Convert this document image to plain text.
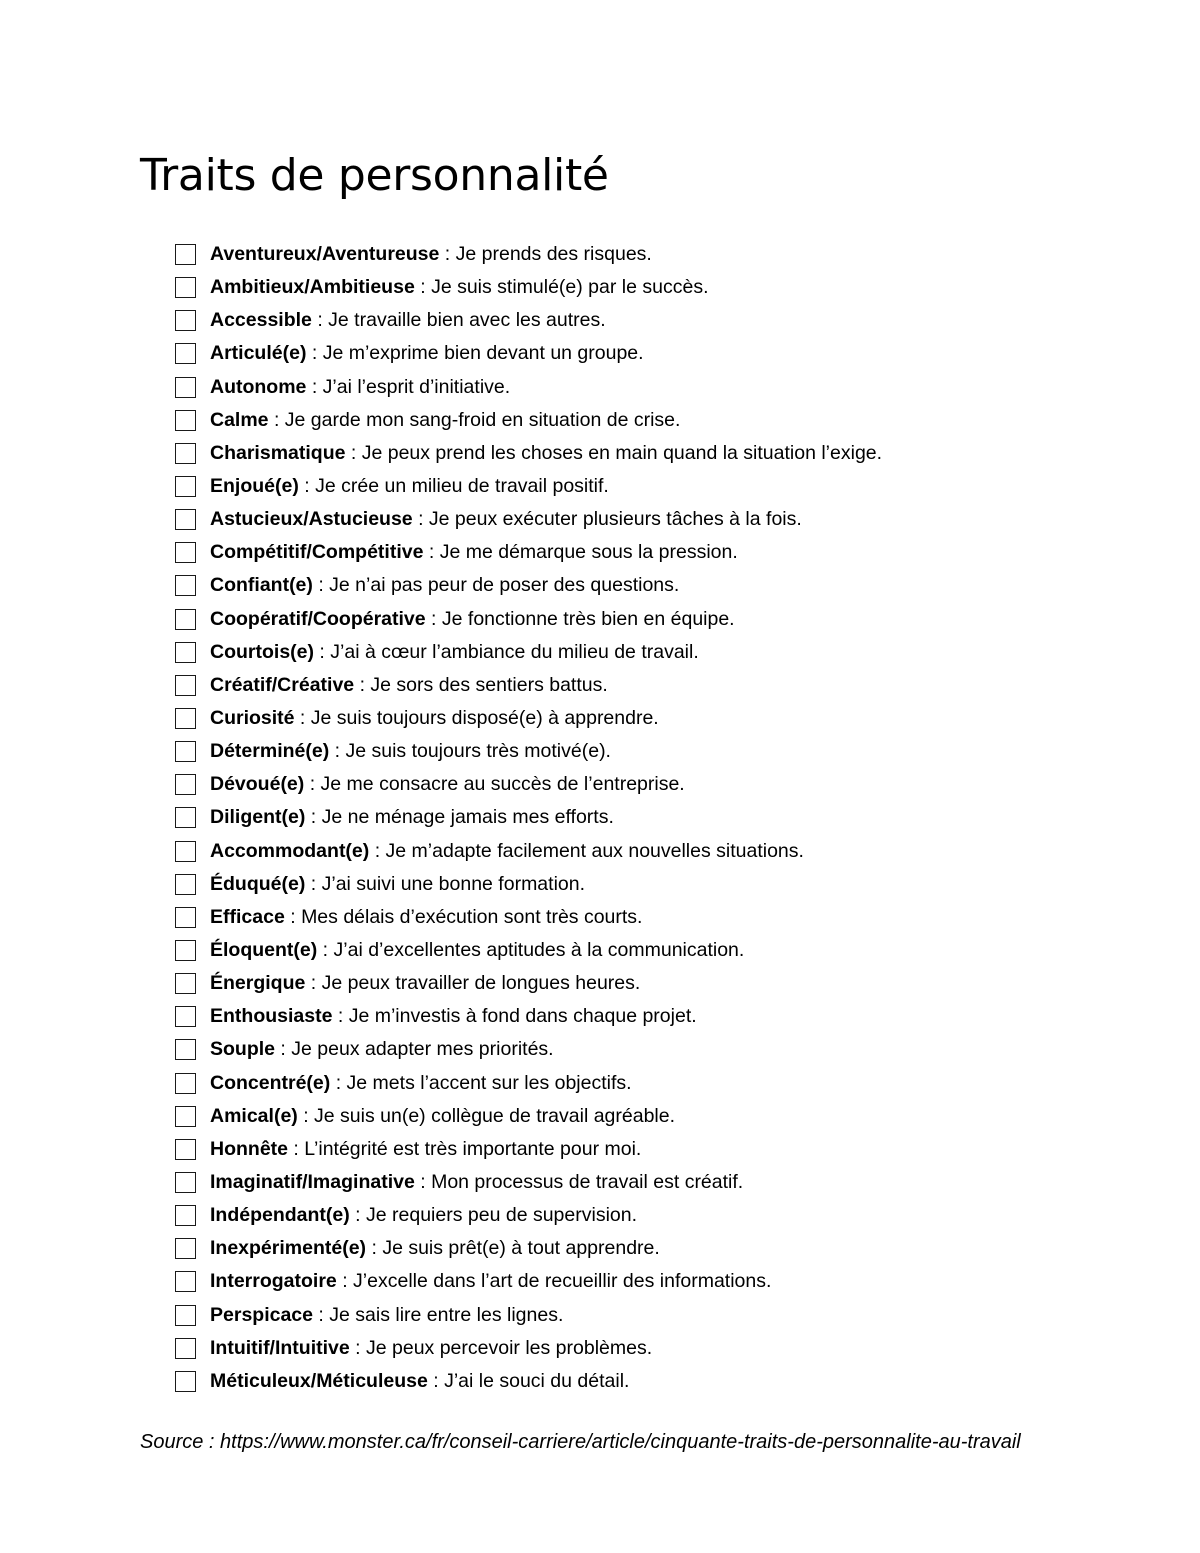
Traits de personnalité
Aventureux/Aventureuse : Je prends des risques.
Ambitieux/Ambitieuse : Je suis stimulé(e) par le succès.
Accessible : Je travaille bien avec les autres.
Articulé(e) : Je m’exprime bien devant un groupe.
Autonome : J’ai l’esprit d’initiative.
Calme : Je garde mon sang-froid en situation de crise.
Charismatique : Je peux prend les choses en main quand la situation l’exige.
Enjoué(e) : Je crée un milieu de travail positif.
Astucieux/Astucieuse : Je peux exécuter plusieurs tâches à la fois.
Compétitif/Compétitive : Je me démarque sous la pression.
Confiant(e) : Je n’ai pas peur de poser des questions.
Coopératif/Coopérative : Je fonctionne très bien en équipe.
Courtois(e) : J’ai à cœur l’ambiance du milieu de travail.
Créatif/Créative : Je sors des sentiers battus.
Curiosité : Je suis toujours disposé(e) à apprendre.
Déterminé(e) : Je suis toujours très motivé(e).
Dévoué(e) : Je me consacre au succès de l’entreprise.
Diligent(e) : Je ne ménage jamais mes efforts.
Accommodant(e) : Je m’adapte facilement aux nouvelles situations.
Éduqué(e) : J’ai suivi une bonne formation.
Efficace : Mes délais d’exécution sont très courts.
Éloquent(e) : J’ai d’excellentes aptitudes à la communication.
Énergique : Je peux travailler de longues heures.
Enthousiaste : Je m’investis à fond dans chaque projet.
Souple : Je peux adapter mes priorités.
Concentré(e) : Je mets l’accent sur les objectifs.
Amical(e) : Je suis un(e) collègue de travail agréable.
Honnête : L’intégrité est très importante pour moi.
Imaginatif/Imaginative : Mon processus de travail est créatif.
Indépendant(e) : Je requiers peu de supervision.
Inexpérimenté(e) : Je suis prêt(e) à tout apprendre.
Interrogatoire : J’excelle dans l’art de recueillir des informations.
Perspicace : Je sais lire entre les lignes.
Intuitif/Intuitive : Je peux percevoir les problèmes.
Méticuleux/Méticuleuse : J’ai le souci du détail.

Source : https://www.monster.ca/fr/conseil-carriere/article/cinquante-traits-de-personnalite-au-travail
